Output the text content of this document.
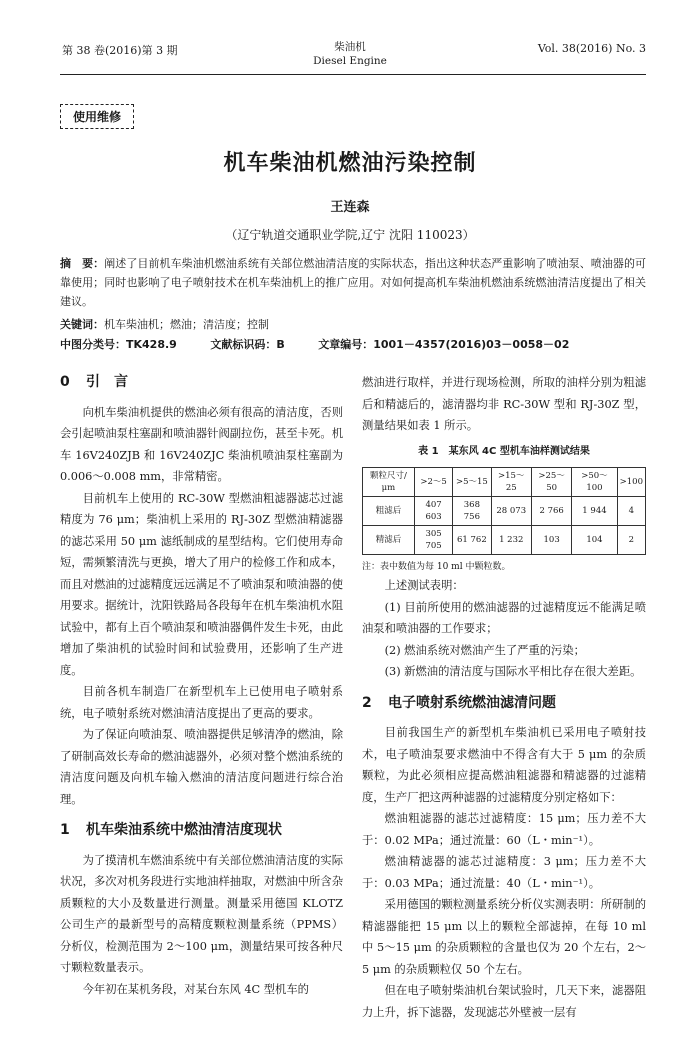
第 38 卷(2016)第 3 期	柴油机
Diesel Engine
Vol. 38(2016) No. 3
使用维修
机车柴油机燃油污染控制
王连森
（辽宁轨道交通职业学院,辽宁 沈阳 110023）
摘　要：阐述了目前机车柴油机燃油系统有关部位燃油清洁度的实际状态，指出这种状态严重影响了喷油泵、喷油器的可靠使用；同时也影响了电子喷射技术在机车柴油机上的推广应用。对如何提高机车柴油机燃油系统燃油清洁度提出了相关建议。
关键词：机车柴油机；燃油；清洁度；控制
中图分类号：TK428.9	文献标识码：B	文章编号：1001－4357(2016)03－0058－02
0 引　言

向机车柴油机提供的燃油必须有很高的清洁度，否则会引起喷油泵柱塞副和喷油器针阀副拉伤，甚至卡死。机车 16V240ZJB 和 16V240ZJC 柴油机喷油泵柱塞副为 0.006～0.008 mm，非常精密。

目前机车上使用的 RC-30W 型燃油粗滤器滤芯过滤精度为 76 μm；柴油机上采用的 RJ-30Z 型燃油精滤器的滤芯采用 50 μm 滤纸制成的星型结构。它们使用寿命短，需频繁清洗与更换，增大了用户的检修工作和成本，而且对燃油的过滤精度远远满足不了喷油泵和喷油器的使用要求。据统计，沈阳铁路局各段每年在机车柴油机水阻试验中，都有上百个喷油泵和喷油器偶件发生卡死，由此增加了柴油机的试验时间和试验费用，还影响了生产进度。

目前各机车制造厂在新型机车上已使用电子喷射系统，电子喷射系统对燃油清洁度提出了更高的要求。

为了保证向喷油泵、喷油器提供足够清净的燃油，除了研制高效长寿命的燃油滤器外，必须对整个燃油系统的清洁度问题及向机车输入燃油的清洁度问题进行综合治理。

1 机车柴油系统中燃油清洁度现状

为了摸清机车燃油系统中有关部位燃油清洁度的实际状况，多次对机务段进行实地油样抽取，对燃油中所含杂质颗粒的大小及数量进行测量。测量采用德国 KLOTZ 公司生产的最新型号的高精度颗粒测量系统（PPMS）分析仪，检测范围为 2～100 μm，测量结果可按各种尺寸颗粒数量表示。

今年初在某机务段，对某台东风 4C 型机车的

燃油进行取样，并进行现场检测，所取的油样分别为粗滤后和精滤后的，滤清器均非 RC-30W 型和 RJ-30Z 型，测量结果如表 1 所示。

表 1　某东风 4C 型机车油样测试结果
颗粒尺寸/μm	>2～5	>5～15	>15～25	>25～50	>50～100	>100
粗滤后	407 603	368 756	28 073	2 766	1 944	4
精滤后	305 705	61 762	1 232	103	104	2
注：表中数值为每 10 ml 中颗粒数。

上述测试表明：

(1) 目前所使用的燃油滤器的过滤精度远不能满足喷油泵和喷油器的工作要求；

(2) 燃油系统对燃油产生了严重的污染；

(3) 新燃油的清洁度与国际水平相比存在很大差距。

2 电子喷射系统燃油滤清问题

目前我国生产的新型机车柴油机已采用电子喷射技术，电子喷油泵要求燃油中不得含有大于 5 μm 的杂质颗粒，为此必须相应提高燃油粗滤器和精滤器的过滤精度，生产厂把这两种滤器的过滤精度分别定格如下：

燃油粗滤器的滤芯过滤精度：15 μm；压力差不大于：0.02 MPa；通过流量：60（L・min⁻¹）。

燃油精滤器的滤芯过滤精度：3 μm；压力差不大于：0.03 MPa；通过流量：40（L・min⁻¹）。

采用德国的颗粒测量系统分析仪实测表明：所研制的精滤器能把 15 μm 以上的颗粒全部滤掉，在每 10 ml 中 5～15 μm 的杂质颗粒的含量也仅为 20 个左右，2～5 μm 的杂质颗粒仅 50 个左右。

但在电子喷射柴油机台架试验时，几天下来，滤器阻力上升，拆下滤器，发现滤芯外壁被一层有
